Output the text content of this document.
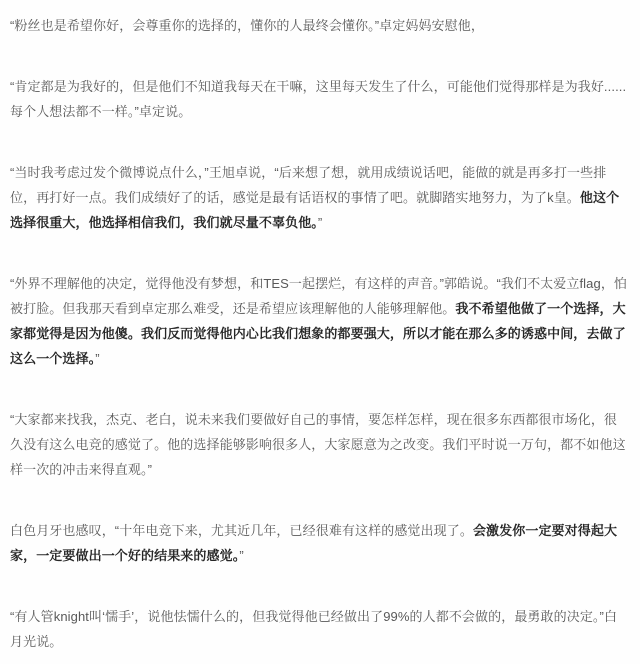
“粉丝也是希望你好，会尊重你的选择的，懂你的人最终会懂你。”卓定妈妈安慰他，

“肯定都是为我好的，但是他们不知道我每天在干嘛，这里每天发生了什么，可能他们觉得那样是为我好......每个人想法都不一样。”卓定说。

“当时我考虑过发个微博说点什么，”王旭卓说，“后来想了想，就用成绩说话吧，能做的就是再多打一些排位，再打好一点。我们成绩好了的话，感觉是最有话语权的事情了吧。就脚踏实地努力，为了k皇。他这个选择很重大，他选择相信我们，我们就尽量不辜负他。”

“外界不理解他的决定，觉得他没有梦想，和TES一起摆烂，有这样的声音。”郭皓说。“我们不太爱立flag，怕被打脸。但我那天看到卓定那么难受，还是希望应该理解他的人能够理解他。我不希望他做了一个选择，大家都觉得是因为他傻。我们反而觉得他内心比我们想象的都要强大，所以才能在那么多的诱惑中间，去做了这么一个选择。”

“大家都来找我，杰克、老白，说未来我们要做好自己的事情，要怎样怎样，现在很多东西都很市场化，很久没有这么电竞的感觉了。他的选择能够影响很多人，大家愿意为之改变。我们平时说一万句，都不如他这样一次的冲击来得直观。”

白色月牙也感叹，“十年电竞下来，尤其近几年，已经很难有这样的感觉出现了。会激发你一定要对得起大家，一定要做出一个好的结果来的感觉。”

“有人管knight叫‘懦手’，说他怯懦什么的，但我觉得他已经做出了99%的人都不会做的，最勇敢的决定。”白月光说。
